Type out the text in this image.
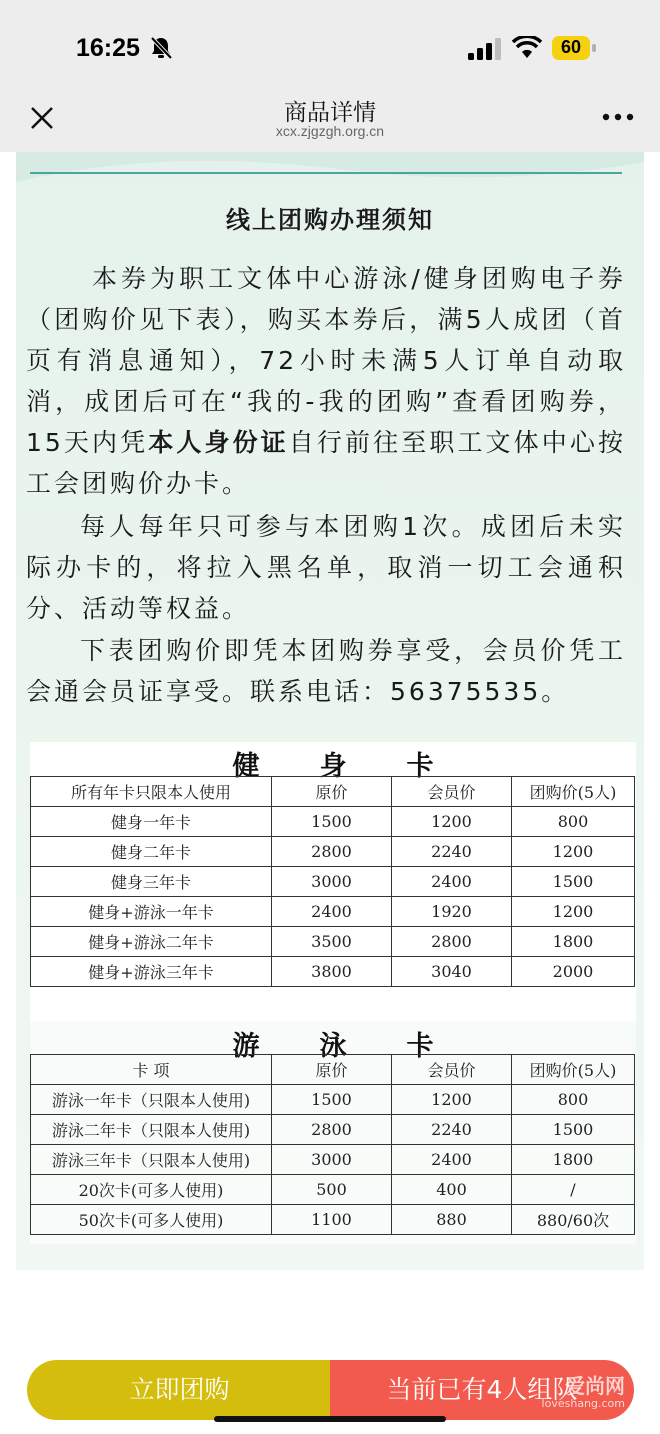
16:25	60
商品详情
xcx.zjgzgh.org.cn
线上团购办理须知

本券为职工文体中心游泳/健身团购电子券（团购价见下表），购买本券后，满5人成团（首页有消息通知），72小时未满5人订单自动取消，成团后可在“我的-我的团购”查看团购券，15天内凭本人身份证自行前往至职工文体中心按工会团购价办卡。

每人每年只可参与本团购1次。成团后未实际办卡的，将拉入黑名单，取消一切工会通积分、活动等权益。

下表团购价即凭本团购券享受，会员价凭工会通会员证享受。联系电话：56375535。

健身卡
所有年卡只限本人使用	原价	会员价	团购价(5人)
健身一年卡	1500	1200	800
健身二年卡	2800	2240	1200
健身三年卡	3000	2400	1500
健身+游泳一年卡	2400	1920	1200
健身+游泳二年卡	3500	2800	1800
健身+游泳三年卡	3800	3040	2000
游泳卡
卡 项	原价	会员价	团购价(5人)
游泳一年卡（只限本人使用)	1500	1200	800
游泳二年卡（只限本人使用)	2800	2240	1500
游泳三年卡（只限本人使用)	3000	2400	1800
20次卡(可多人使用)	500	400	/
50次卡(可多人使用)	1100	880	880/60次
立即团购	当前已有4人组队
爱尚网
loveshang.com
